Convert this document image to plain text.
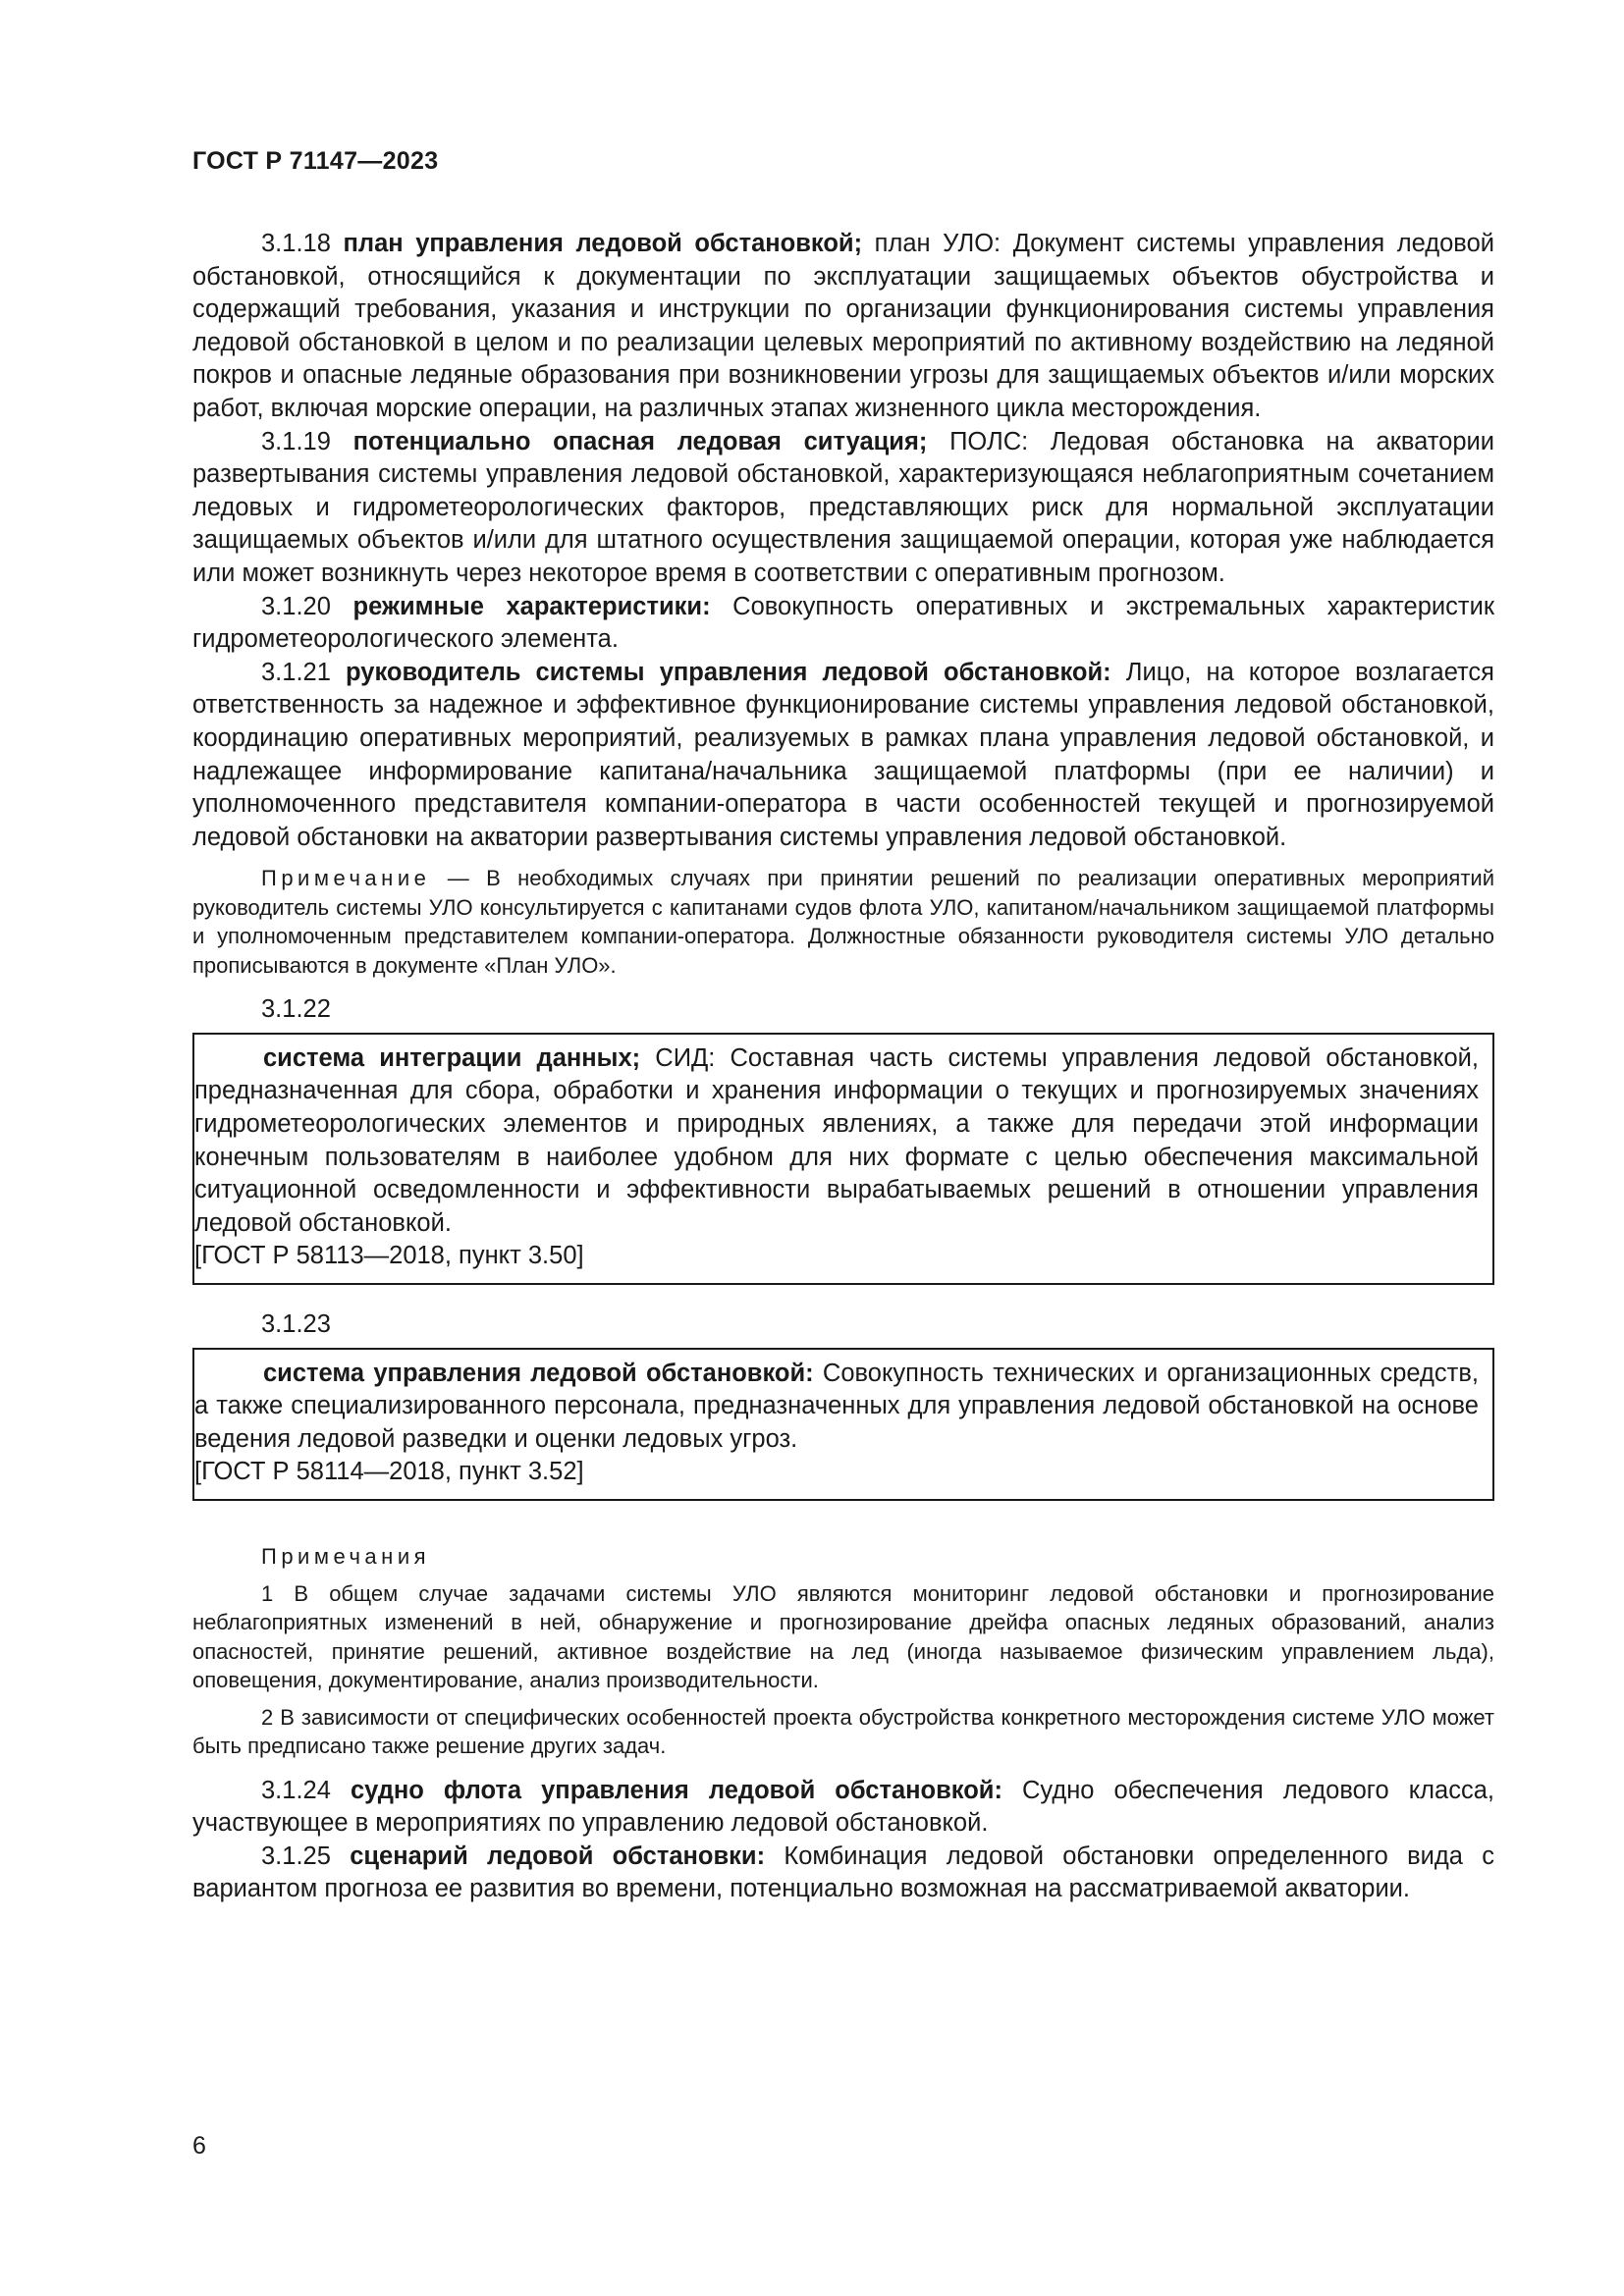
ГОСТ Р 71147—2023

3.1.18 план управления ледовой обстановкой; план УЛО: Документ системы управления ледовой обстановкой, относящийся к документации по эксплуатации защищаемых объектов обустройства и содержащий требования, указания и инструкции по организации функционирования системы управления ледовой обстановкой в целом и по реализации целевых мероприятий по активному воздействию на ледяной покров и опасные ледяные образования при возникновении угрозы для защищаемых объектов и/или морских работ, включая морские операции, на различных этапах жизненного цикла месторождения.

3.1.19 потенциально опасная ледовая ситуация; ПОЛС: Ледовая обстановка на акватории развертывания системы управления ледовой обстановкой, характеризующаяся неблагоприятным сочетанием ледовых и гидрометеорологических факторов, представляющих риск для нормальной эксплуатации защищаемых объектов и/или для штатного осуществления защищаемой операции, которая уже наблюдается или может возникнуть через некоторое время в соответствии с оперативным прогнозом.

3.1.20 режимные характеристики: Совокупность оперативных и экстремальных характеристик гидрометеорологического элемента.

3.1.21 руководитель системы управления ледовой обстановкой: Лицо, на которое возлагается ответственность за надежное и эффективное функционирование системы управления ледовой обстановкой, координацию оперативных мероприятий, реализуемых в рамках плана управления ледовой обстановкой, и надлежащее информирование капитана/начальника защищаемой платформы (при ее наличии) и уполномоченного представителя компании-оператора в части особенностей текущей и прогнозируемой ледовой обстановки на акватории развертывания системы управления ледовой обстановкой.

Примечание — В необходимых случаях при принятии решений по реализации оперативных мероприятий руководитель системы УЛО консультируется с капитанами судов флота УЛО, капитаном/начальником защищаемой платформы и уполномоченным представителем компании-оператора. Должностные обязанности руководителя системы УЛО детально прописываются в документе «План УЛО».

3.1.22

система интеграции данных; СИД: Составная часть системы управления ледовой обстановкой, предназначенная для сбора, обработки и хранения информации о текущих и прогнозируемых значениях гидрометеорологических элементов и природных явлениях, а также для передачи этой информации конечным пользователям в наиболее удобном для них формате с целью обеспечения максимальной ситуационной осведомленности и эффективности вырабатываемых решений в отношении управления ледовой обстановкой.

[ГОСТ Р 58113—2018, пункт 3.50]

3.1.23

система управления ледовой обстановкой: Совокупность технических и организационных средств, а также специализированного персонала, предназначенных для управления ледовой обстановкой на основе ведения ледовой разведки и оценки ледовых угроз.

[ГОСТ Р 58114—2018, пункт 3.52]

Примечания

1 В общем случае задачами системы УЛО являются мониторинг ледовой обстановки и прогнозирование неблагоприятных изменений в ней, обнаружение и прогнозирование дрейфа опасных ледяных образований, анализ опасностей, принятие решений, активное воздействие на лед (иногда называемое физическим управлением льда), оповещения, документирование, анализ производительности.

2 В зависимости от специфических особенностей проекта обустройства конкретного месторождения системе УЛО может быть предписано также решение других задач.

3.1.24 судно флота управления ледовой обстановкой: Судно обеспечения ледового класса, участвующее в мероприятиях по управлению ледовой обстановкой.

3.1.25 сценарий ледовой обстановки: Комбинация ледовой обстановки определенного вида с вариантом прогноза ее развития во времени, потенциально возможная на рассматриваемой акватории.

6
